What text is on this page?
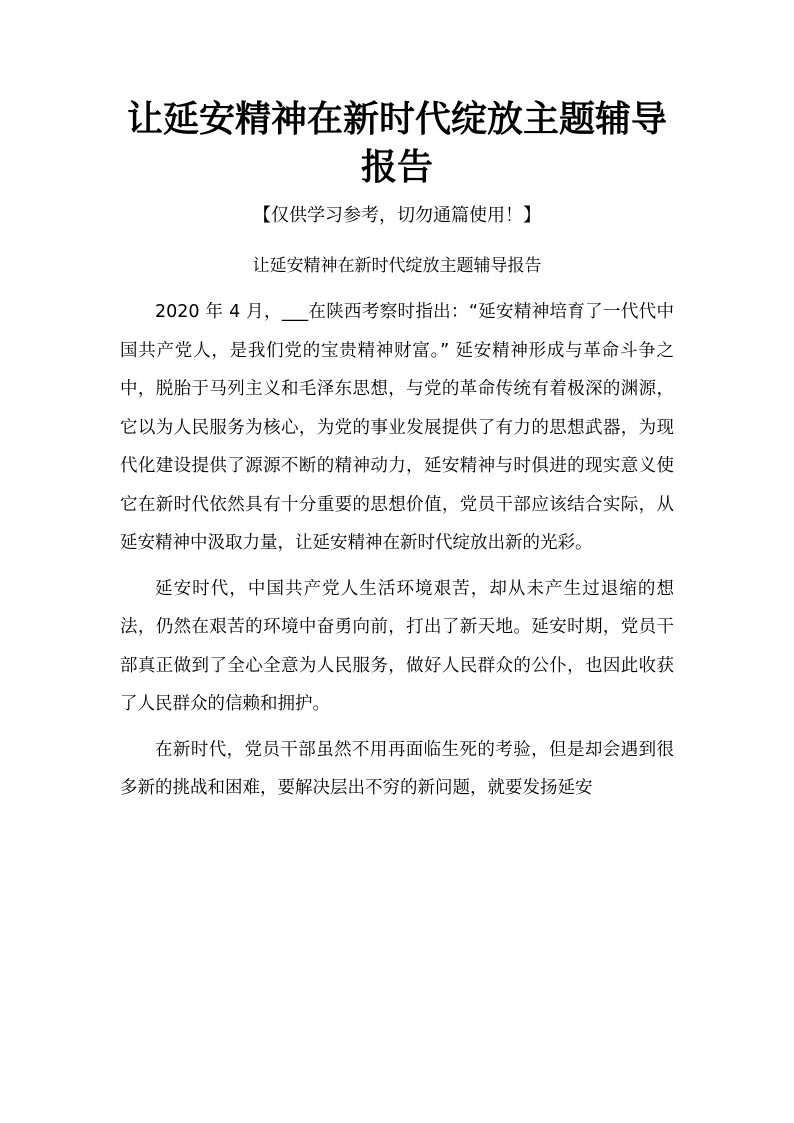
让延安精神在新时代绽放主题辅导报告
【仅供学习参考，切勿通篇使用！】
让延安精神在新时代绽放主题辅导报告

2020 年 4 月，___在陕西考察时指出：“延安精神培育了一代代中国共产党人，是我们党的宝贵精神财富。” 延安精神形成与革命斗争之中，脱胎于马列主义和毛泽东思想，与党的革命传统有着极深的渊源，它以为人民服务为核心，为党的事业发展提供了有力的思想武器，为现代化建设提供了源源不断的精神动力，延安精神与时俱进的现实意义使它在新时代依然具有十分重要的思想价值，党员干部应该结合实际，从延安精神中汲取力量，让延安精神在新时代绽放出新的光彩。

延安时代，中国共产党人生活环境艰苦，却从未产生过退缩的想法，仍然在艰苦的环境中奋勇向前，打出了新天地。延安时期，党员干部真正做到了全心全意为人民服务，做好人民群众的公仆，也因此收获了人民群众的信赖和拥护。

在新时代，党员干部虽然不用再面临生死的考验，但是却会遇到很多新的挑战和困难，要解决层出不穷的新问题，就要发扬延安
